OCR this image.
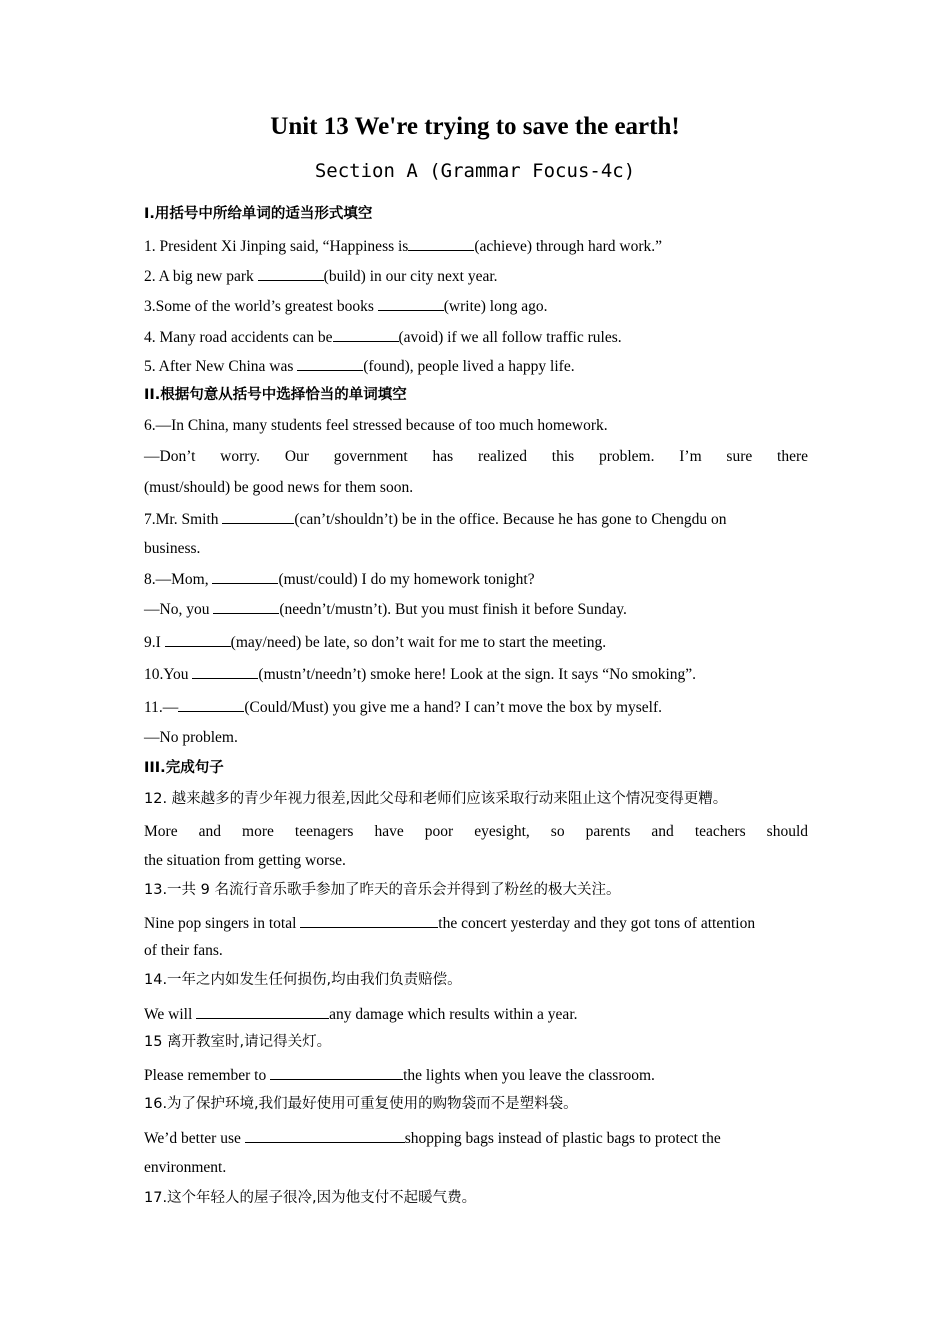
Unit 13 We're trying to save the earth!
Section A (Grammar Focus-4c)
I.用括号中所给单词的适当形式填空
1. President Xi Jinping said, “Happiness is	(achieve) through hard work.”
2. A big new park	(build) in our city next year.
3.Some of the world’s greatest books	(write) long ago.
4. Many road accidents can be	(avoid) if we all follow traffic rules.
5. After New China was	(found), people lived a happy life.
II.根据句意从括号中选择恰当的单词填空
6.—In China, many students feel stressed because of too much homework.
—Don’t worry. Our government has realized this problem. I’m sure there
(must/should) be good news for them soon.
7.Mr. Smith	(can’t/shouldn’t) be in the office. Because he has gone to Chengdu on
business.
8.—Mom,	(must/could) I do my homework tonight?
—No, you	(needn’t/mustn’t). But you must finish it before Sunday.
9.I	(may/need) be late, so don’t wait for me to start the meeting.
10.You	(mustn’t/needn’t) smoke here! Look at the sign. It says “No smoking”.
11.—	(Could/Must) you give me a hand? I can’t move the box by myself.
—No problem.
III.完成句子
12. 越来越多的青少年视力很差,因此父母和老师们应该采取行动来阻止这个情况变得更糟。
More and more teenagers have poor eyesight, so parents and teachers should
the situation from getting worse.
13.一共 9 名流行音乐歌手参加了昨天的音乐会并得到了粉丝的极大关注。
Nine pop singers in total	the concert yesterday and they got tons of attention
of their fans.
14.一年之内如发生任何损伤,均由我们负责赔偿。
We will	any damage which results within a year.
15 离开教室时,请记得关灯。
Please remember to	the lights when you leave the classroom.
16.为了保护环境,我们最好使用可重复使用的购物袋而不是塑料袋。
We’d better use	shopping bags instead of plastic bags to protect the
environment.
17.这个年轻人的屋子很冷,因为他支付不起暖气费。
